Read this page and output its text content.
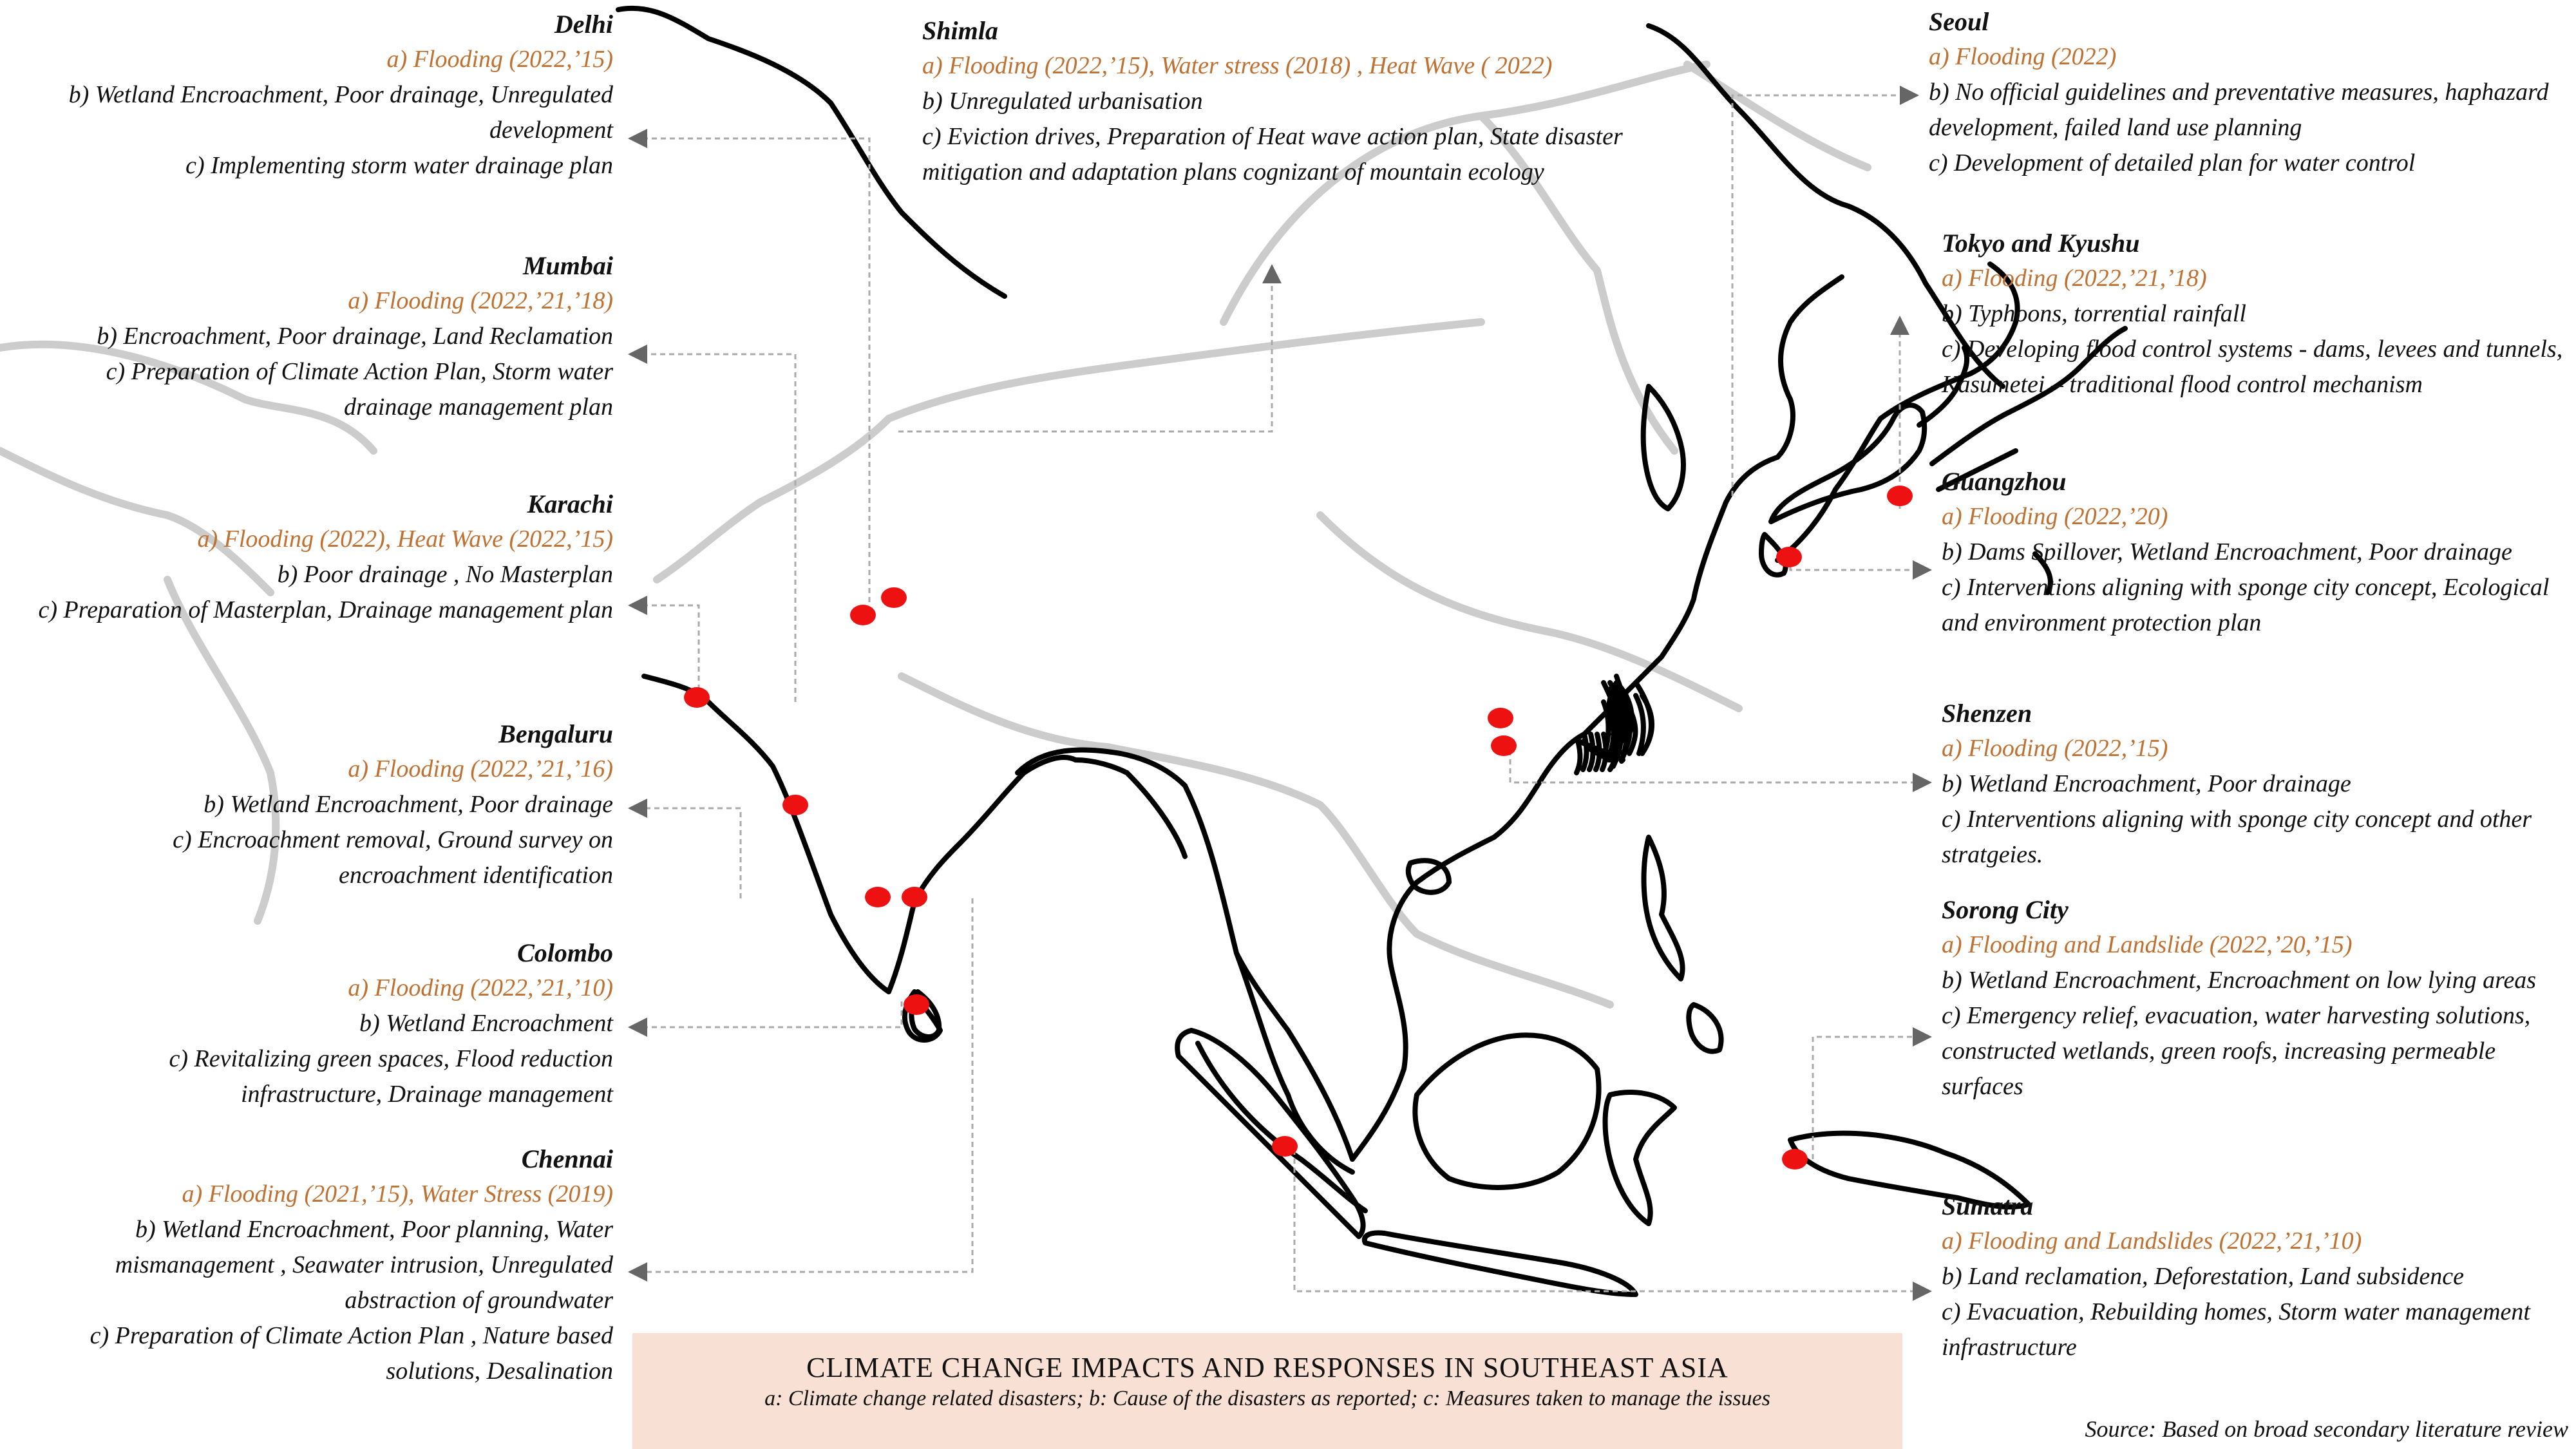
Delhi
a) Flooding (2022,’15)
b) Wetland Encroachment, Poor drainage, Unregulated development
c) Implementing storm water drainage plan
Mumbai
a) Flooding (2022,’21,’18)
b) Encroachment, Poor drainage, Land Reclamation
c) Preparation of Climate Action Plan, Storm water drainage management plan
Karachi
a) Flooding (2022), Heat Wave (2022,’15)
b) Poor drainage , No Masterplan
c) Preparation of Masterplan, Drainage management plan
Bengaluru
a) Flooding (2022,’21,’16)
b) Wetland Encroachment, Poor drainage
c) Encroachment removal, Ground survey on encroachment identification
Colombo
a) Flooding (2022,’21,’10)
b) Wetland Encroachment
c) Revitalizing green spaces, Flood reduction infrastructure, Drainage management
Chennai
a) Flooding (2021,’15), Water Stress (2019)
b) Wetland Encroachment, Poor planning, Water mismanagement , Seawater intrusion, Unregulated abstraction of groundwater
c) Preparation of Climate Action Plan , Nature based solutions, Desalination
Shimla
a) Flooding (2022,’15), Water stress (2018) , Heat Wave ( 2022)
b) Unregulated urbanisation
c) Eviction drives, Preparation of Heat wave action plan, State disaster mitigation and adaptation plans cognizant of mountain ecology
Seoul
a) Flooding (2022)
b) No official guidelines and preventative measures, haphazard development, failed land use planning
c) Development of detailed plan for water control
Tokyo and Kyushu
a) Flooding (2022,’21,’18)
b) Typhoons, torrential rainfall
c) Developing flood control systems - dams, levees and tunnels, Kasumetei – traditional flood control mechanism
Guangzhou
a) Flooding (2022,’20)
b) Dams Spillover, Wetland Encroachment, Poor drainage
c) Interventions aligning with sponge city concept, Ecological and environment protection plan
Shenzen
a) Flooding (2022,’15)
b) Wetland Encroachment, Poor drainage
c) Interventions aligning with sponge city concept and other stratgeies.
Sorong City
a) Flooding and Landslide (2022,’20,’15)
b) Wetland Encroachment, Encroachment on low lying areas
c) Emergency relief, evacuation, water harvesting solutions, constructed wetlands, green roofs, increasing permeable surfaces
Sumatra
a) Flooding and Landslides (2022,’21,’10)
b) Land reclamation, Deforestation, Land subsidence
c) Evacuation, Rebuilding homes, Storm water management infrastructure
CLIMATE CHANGE IMPACTS AND RESPONSES IN SOUTHEAST ASIA
a: Climate change related disasters; b: Cause of the disasters as reported; c: Measures taken to manage the issues
Source: Based on broad secondary literature review
